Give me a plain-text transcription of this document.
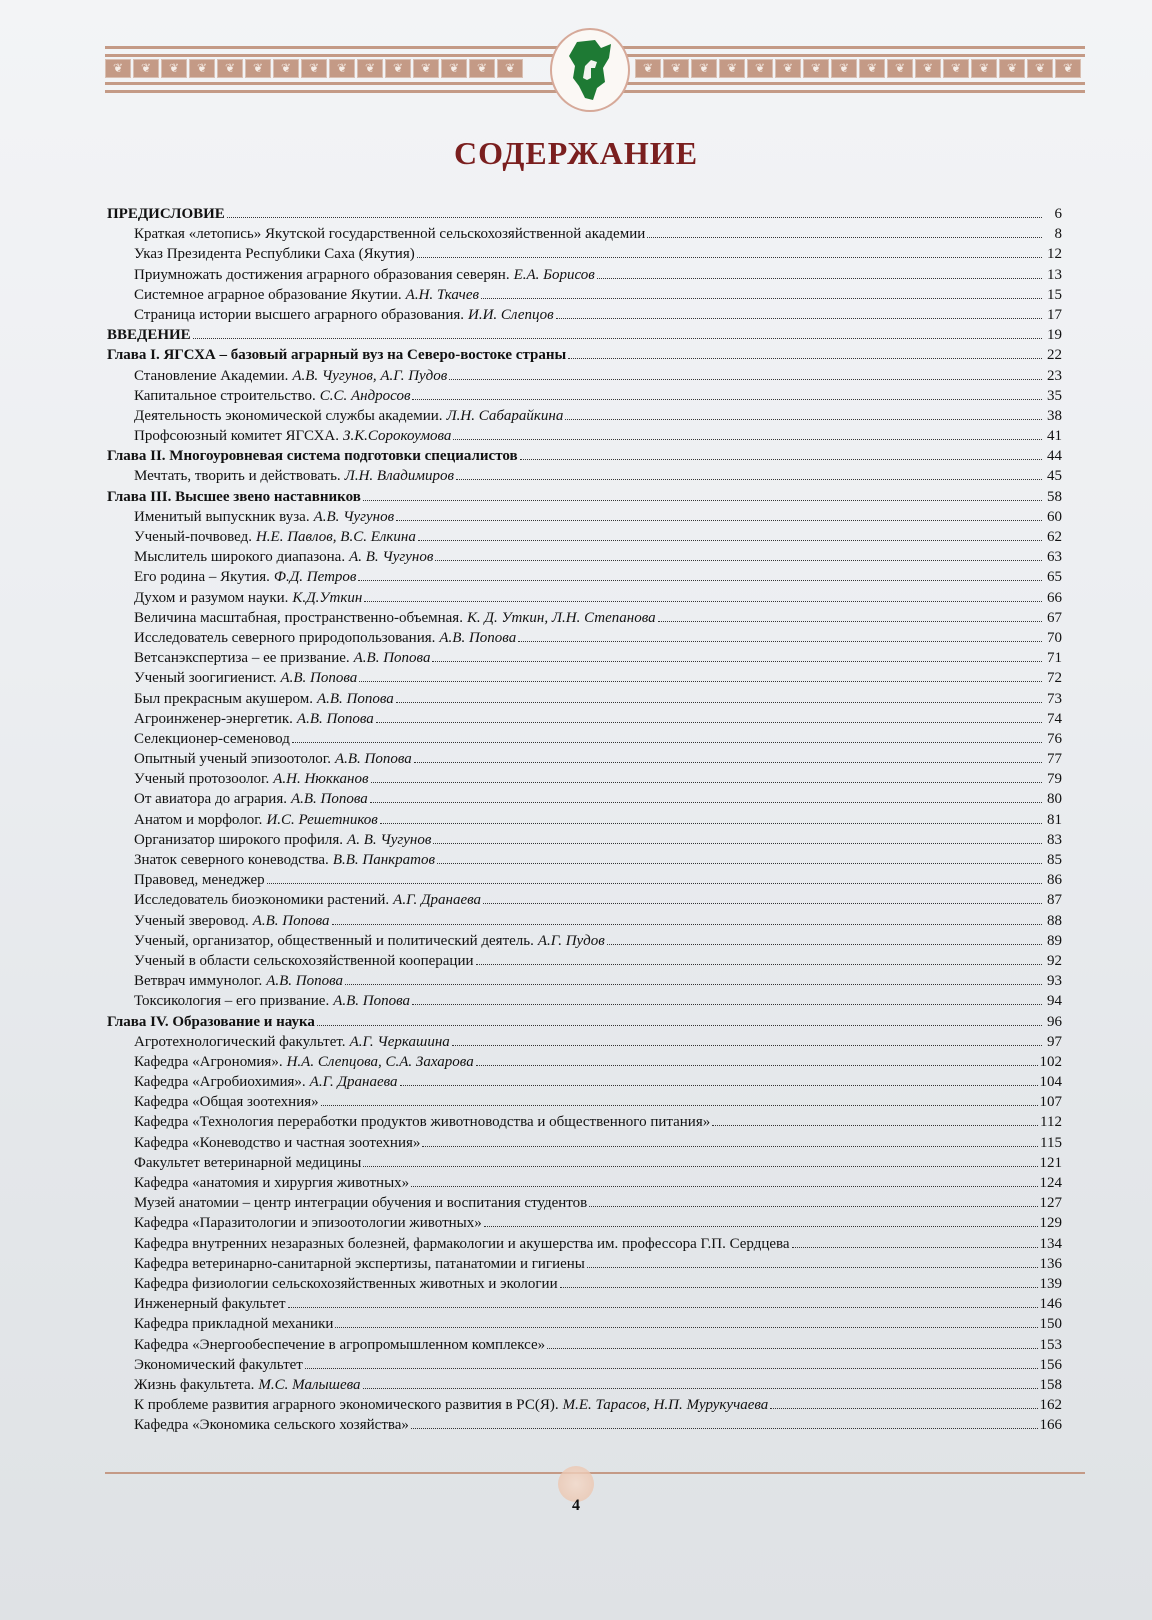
❦	❦	❦	❦	❦	❦	❦	❦	❦	❦	❦	❦	❦	❦	❦	❦	❦	❦	❦	❦	❦	❦	❦	❦	❦	❦	❦	❦	❦	❦	❦
СОДЕРЖАНИЕ
ПРЕДИСЛОВИЕ	6
Краткая «летопись» Якутской государственной сельскохозяйственной академии	8
Указ Президента Республики Саха (Якутия)	12
Приумножать достижения аграрного образования северян. Е.А. Борисов	13
Системное аграрное образование Якутии. А.Н. Ткачев	15
Страница истории высшего аграрного образования. И.И. Слепцов	17
ВВЕДЕНИЕ	19
Глава I. ЯГСХА – базовый аграрный вуз на Северо-востоке страны	22
Становление Академии. А.В. Чугунов, А.Г. Пудов	23
Капитальное строительство. С.С. Андросов	35
Деятельность экономической службы академии. Л.Н. Сабарайкина	38
Профсоюзный комитет ЯГСХА. З.К.Сорокоумова	41
Глава II. Многоуровневая система подготовки специалистов	44
Мечтать, творить и действовать. Л.Н. Владимиров	45
Глава III. Высшее звено наставников	58
Именитый выпускник вуза. А.В. Чугунов	60
Ученый-почвовед. Н.Е. Павлов, В.С. Елкина	62
Мыслитель широкого диапазона. А. В. Чугунов	63
Его родина – Якутия. Ф.Д. Петров	65
Духом и разумом науки. К.Д.Уткин	66
Величина масштабная, пространственно-объемная. К. Д. Уткин, Л.Н. Степанова	67
Исследователь северного природопользования. А.В. Попова	70
Ветсанэкспертиза – ее призвание. А.В. Попова	71
Ученый зоогигиенист. А.В. Попова	72
Был прекрасным акушером. А.В. Попова	73
Агроинженер-энергетик. А.В. Попова	74
Селекционер-семеновод	76
Опытный ученый эпизоотолог. А.В. Попова	77
Ученый протозоолог. А.Н. Нюкканов	79
От авиатора до агрария. А.В. Попова	80
Анатом и морфолог. И.С. Решетников	81
Организатор широкого профиля. А. В. Чугунов	83
Знаток северного коневодства. В.В. Панкратов	85
Правовед, менеджер	86
Исследователь биоэкономики растений. А.Г. Дранаева	87
Ученый зверовод. А.В. Попова	88
Ученый, организатор, общественный и политический деятель. А.Г. Пудов	89
Ученый в области сельскохозяйственной кооперации	92
Ветврач иммунолог. А.В. Попова	93
Токсикология – его призвание. А.В. Попова	94
Глава IV. Образование и наука	96
Агротехнологический факультет. А.Г. Черкашина	97
Кафедра «Агрономия». Н.А. Слепцова, С.А. Захарова	102
Кафедра «Агробиохимия». А.Г. Дранаева	104
Кафедра «Общая зоотехния»	107
Кафедра «Технология переработки продуктов животноводства и общественного питания»	112
Кафедра «Коневодство и частная зоотехния»	115
Факультет ветеринарной медицины	121
Кафедра «анатомия и хирургия животных»	124
Музей анатомии – центр интеграции обучения и воспитания студентов	127
Кафедра «Паразитологии и эпизоотологии животных»	129
Кафедра внутренних незаразных болезней, фармакологии и акушерства им. профессора Г.П. Сердцева	134
Кафедра ветеринарно-санитарной экспертизы, патанатомии и гигиены	136
Кафедра физиологии сельскохозяйственных животных и экологии	139
Инженерный факультет	146
Кафедра прикладной механики	150
Кафедра «Энергообеспечение в агропромышленном комплексе»	153
Экономический факультет	156
Жизнь факультета. М.С. Малышева	158
К проблеме развития аграрного экономического развития в РС(Я). М.Е. Тарасов, Н.П. Мурукучаева	162
Кафедра «Экономика сельского хозяйства»	166
4
